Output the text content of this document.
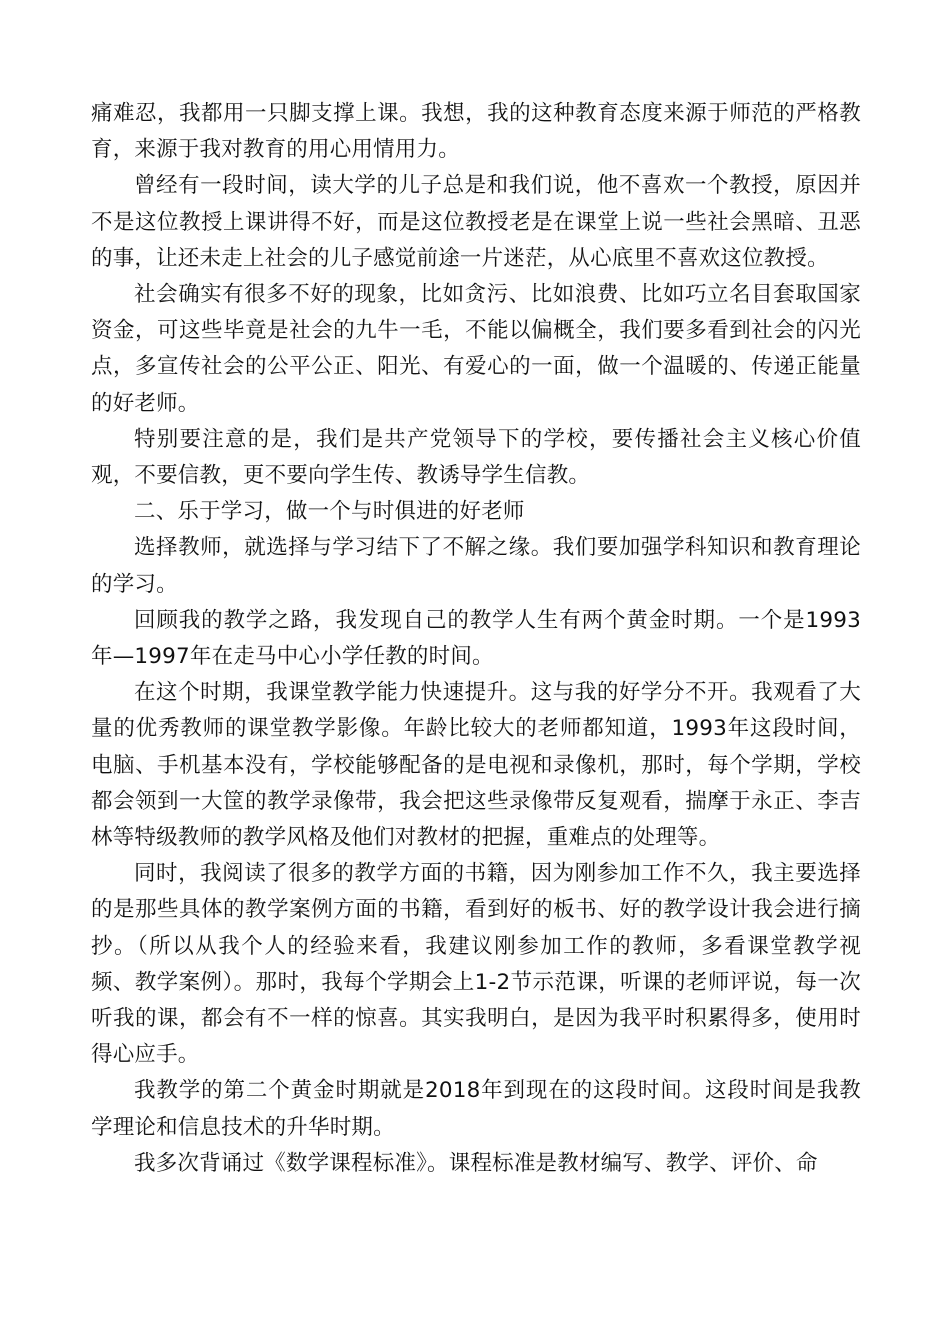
痛难忍，我都用一只脚支撑上课。我想，我的这种教育态度来源于师范的严格教育，来源于我对教育的用心用情用力。

曾经有一段时间，读大学的儿子总是和我们说，他不喜欢一个教授，原因并不是这位教授上课讲得不好，而是这位教授老是在课堂上说一些社会黑暗、丑恶的事，让还未走上社会的儿子感觉前途一片迷茫，从心底里不喜欢这位教授。

社会确实有很多不好的现象，比如贪污、比如浪费、比如巧立名目套取国家资金，可这些毕竟是社会的九牛一毛，不能以偏概全，我们要多看到社会的闪光点，多宣传社会的公平公正、阳光、有爱心的一面，做一个温暖的、传递正能量的好老师。

特别要注意的是，我们是共产党领导下的学校，要传播社会主义核心价值观，不要信教，更不要向学生传、教诱导学生信教。

二、乐于学习，做一个与时俱进的好老师

选择教师，就选择与学习结下了不解之缘。我们要加强学科知识和教育理论的学习。

回顾我的教学之路，我发现自己的教学人生有两个黄金时期。一个是1993年—1997年在走马中心小学任教的时间。

在这个时期，我课堂教学能力快速提升。这与我的好学分不开。我观看了大量的优秀教师的课堂教学影像。年龄比较大的老师都知道，1993年这段时间，电脑、手机基本没有，学校能够配备的是电视和录像机，那时，每个学期，学校都会领到一大筐的教学录像带，我会把这些录像带反复观看，揣摩于永正、李吉林等特级教师的教学风格及他们对教材的把握，重难点的处理等。

同时，我阅读了很多的教学方面的书籍，因为刚参加工作不久，我主要选择的是那些具体的教学案例方面的书籍，看到好的板书、好的教学设计我会进行摘抄。（所以从我个人的经验来看，我建议刚参加工作的教师，多看课堂教学视频、教学案例）。那时，我每个学期会上1-2节示范课，听课的老师评说，每一次听我的课，都会有不一样的惊喜。其实我明白，是因为我平时积累得多，使用时得心应手。

我教学的第二个黄金时期就是2018年到现在的这段时间。这段时间是我教学理论和信息技术的升华时期。

我多次背诵过《数学课程标准》。课程标准是教材编写、教学、评价、命
